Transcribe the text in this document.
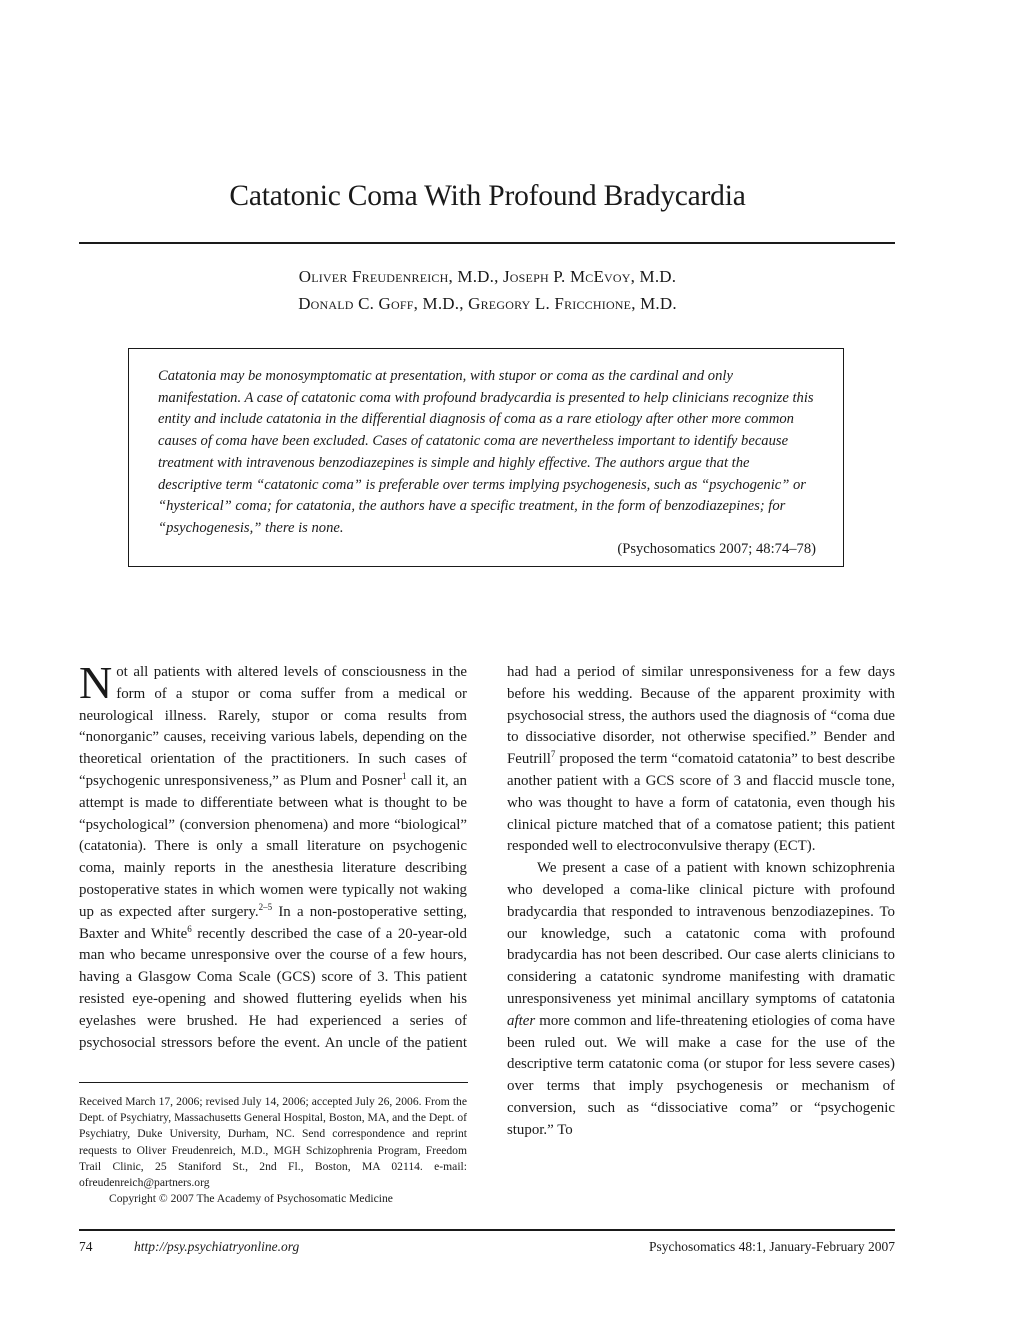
Catatonic Coma With Profound Bradycardia
Oliver Freudenreich, M.D., Joseph P. McEvoy, M.D.
Donald C. Goff, M.D., Gregory L. Fricchione, M.D.
Catatonia may be monosymptomatic at presentation, with stupor or coma as the cardinal and only manifestation. A case of catatonic coma with profound bradycardia is presented to help clinicians recognize this entity and include catatonia in the differential diagnosis of coma as a rare etiology after other more common causes of coma have been excluded. Cases of catatonic coma are nevertheless important to identify because treatment with intravenous benzodiazepines is simple and highly effective. The authors argue that the descriptive term “catatonic coma” is preferable over terms implying psychogenesis, such as “psychogenic” or “hysterical” coma; for catatonia, the authors have a specific treatment, in the form of benzodiazepines; for “psychogenesis,” there is none.
(Psychosomatics 2007; 48:74–78)

Not all patients with altered levels of consciousness in the form of a stupor or coma suffer from a medical or neurological illness. Rarely, stupor or coma results from “nonorganic” causes, receiving various labels, depending on the theoretical orientation of the practitioners. In such cases of “psychogenic unresponsiveness,” as Plum and Posner$^1$ call it, an attempt is made to differentiate between what is thought to be “psychological” (conversion phenomena) and more “biological” (catatonia). There is only a small literature on psychogenic coma, mainly reports in the anesthesia literature describing postoperative states in which women were typically not waking up as expected after surgery.$^{2-5}$ In a non-postoperative setting, Baxter and White$^6$ recently described the case of a 20-year-old man who became unresponsive over the course of a few hours, having a Glasgow Coma Scale (GCS) score of 3. This patient resisted eye-opening and showed fluttering eyelids when his eyelashes were brushed. He had experienced a series of psychosocial stressors before the event. An uncle of the patient

had had a period of similar unresponsiveness for a few days before his wedding. Because of the apparent proximity with psychosocial stress, the authors used the diagnosis of “coma due to dissociative disorder, not otherwise specified.” Bender and Feutrill$^7$ proposed the term “comatoid catatonia” to best describe another patient with a GCS score of 3 and flaccid muscle tone, who was thought to have a form of catatonia, even though his clinical picture matched that of a comatose patient; this patient responded well to electroconvulsive therapy (ECT).

We present a case of a patient with known schizophrenia who developed a coma-like clinical picture with profound bradycardia that responded to intravenous benzodiazepines. To our knowledge, such a catatonic coma with profound bradycardia has not been described. Our case alerts clinicians to considering a catatonic syndrome manifesting with dramatic unresponsiveness yet minimal ancillary symptoms of catatonia after more common and life-threatening etiologies of coma have been ruled out. We will make a case for the use of the descriptive term catatonic coma (or stupor for less severe cases) over terms that imply psychogenesis or mechanism of conversion, such as “dissociative coma” or “psychogenic stupor.” To

Received March 17, 2006; revised July 14, 2006; accepted July 26, 2006. From the Dept. of Psychiatry, Massachusetts General Hospital, Boston, MA, and the Dept. of Psychiatry, Duke University, Durham, NC. Send correspondence and reprint requests to Oliver Freudenreich, M.D., MGH Schizophrenia Program, Freedom Trail Clinic, 25 Staniford St., 2nd Fl., Boston, MA 02114. e-mail: ofreudenreich@partners.org

Copyright © 2007 The Academy of Psychosomatic Medicine

74	http://psy.psychiatryonline.org	Psychosomatics 48:1, January-February 2007
